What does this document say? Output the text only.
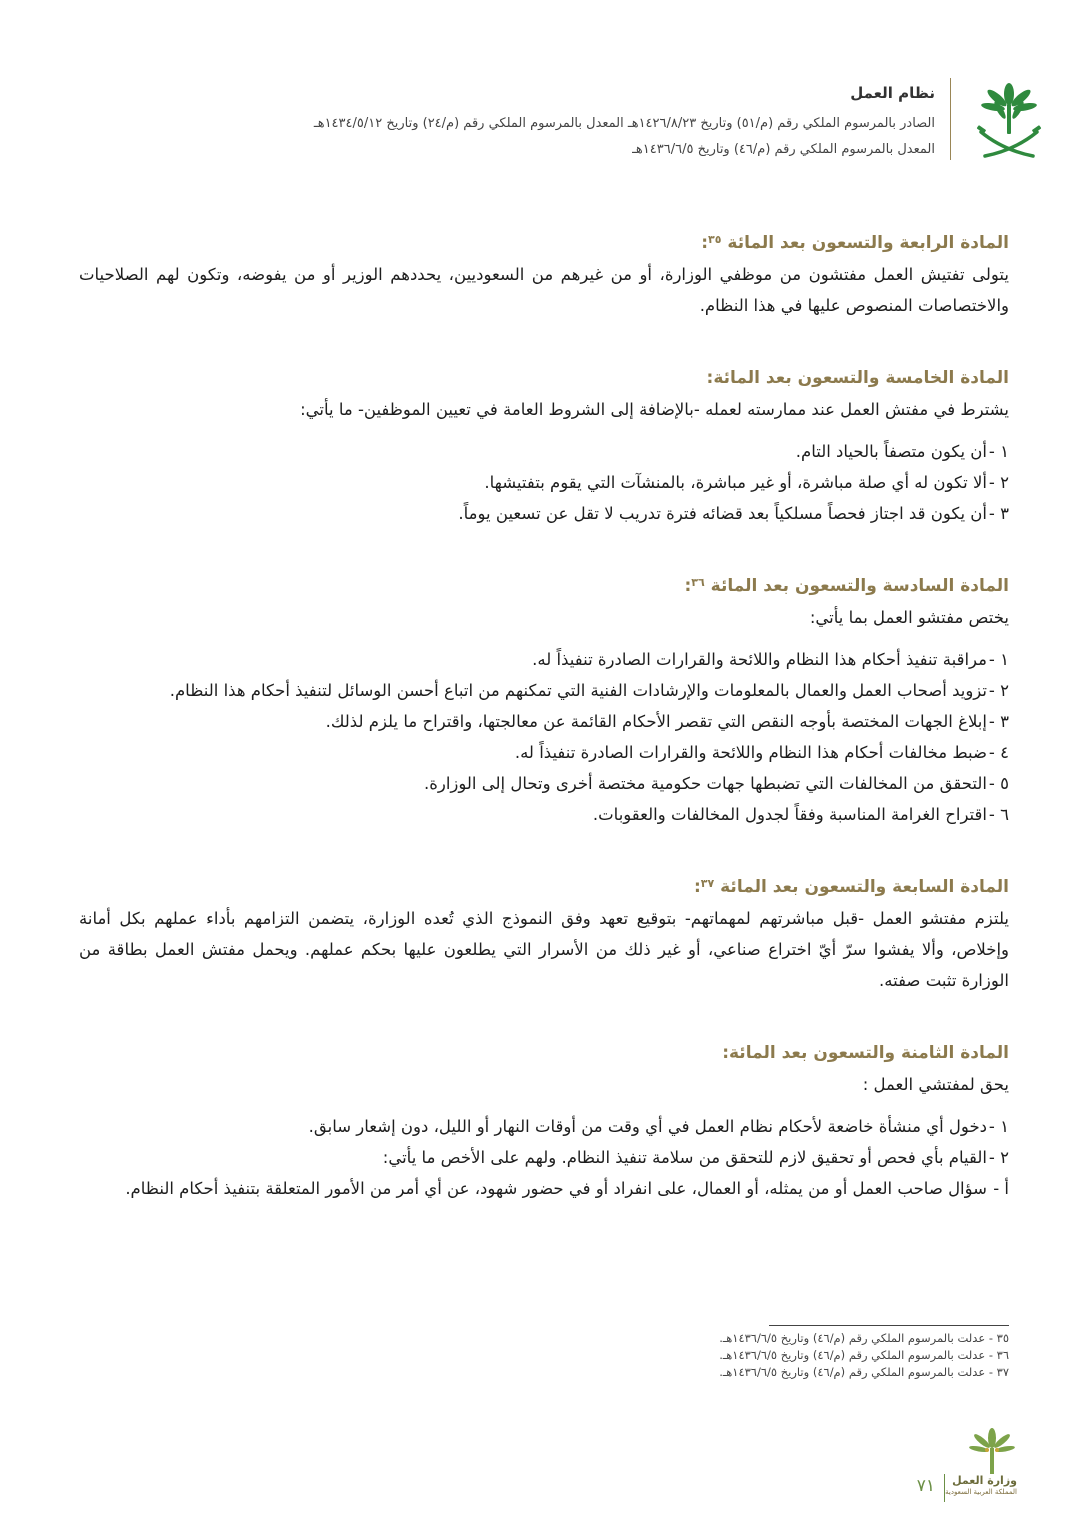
نظام العمل
الصادر بالمرسوم الملكي رقم (م/٥١) وتاريخ ١٤٢٦/٨/٢٣هـ المعدل بالمرسوم الملكي رقم (م/٢٤) وتاريخ ١٤٣٤/٥/١٢هـ
المعدل بالمرسوم الملكي رقم (م/٤٦) وتاريخ ١٤٣٦/٦/٥هـ
المادة الرابعة والتسعون بعد المائة $^{٣٥}$:

يتولى تفتيش العمل مفتشون من موظفي الوزارة، أو من غيرهم من السعوديين، يحددهم الوزير أو من يفوضه، وتكون لهم الصلاحيات والاختصاصات المنصوص عليها في هذا النظام.

المادة الخامسة والتسعون بعد المائة:

يشترط في مفتش العمل عند ممارسته لعمله -بالإضافة إلى الشروط العامة في تعيين الموظفين- ما يأتي:

١ -
أن يكون متصفاً بالحياد التام.
٢ -
ألا تكون له أي صلة مباشرة، أو غير مباشرة، بالمنشآت التي يقوم بتفتيشها.
٣ -
أن يكون قد اجتاز فحصاً مسلكياً بعد قضائه فترة تدريب لا تقل عن تسعين يوماً.
المادة السادسة والتسعون بعد المائة $^{٣٦}$:

يختص مفتشو العمل بما يأتي:

١ -
مراقبة تنفيذ أحكام هذا النظام واللائحة والقرارات الصادرة تنفيذاً له.
٢ -
تزويد أصحاب العمل والعمال بالمعلومات والإرشادات الفنية التي تمكنهم من اتباع أحسن الوسائل لتنفيذ أحكام هذا النظام.
٣ -
إبلاغ الجهات المختصة بأوجه النقص التي تقصر الأحكام القائمة عن معالجتها، واقتراح ما يلزم لذلك.
٤ -
ضبط مخالفات أحكام هذا النظام واللائحة والقرارات الصادرة تنفيذاً له.
٥ -
التحقق من المخالفات التي تضبطها جهات حكومية مختصة أخرى وتحال إلى الوزارة.
٦ -
اقتراح الغرامة المناسبة وفقاً لجدول المخالفات والعقوبات.
المادة السابعة والتسعون بعد المائة $^{٣٧}$:

يلتزم مفتشو العمل -قبل مباشرتهم لمهماتهم- بتوقيع تعهد وفق النموذج الذي تُعده الوزارة، يتضمن التزامهم بأداء عملهم بكل أمانة وإخلاص، وألا يفشوا سرّ أيّ اختراع صناعي، أو غير ذلك من الأسرار التي يطلعون عليها بحكم عملهم. ويحمل مفتش العمل بطاقة من الوزارة تثبت صفته.

المادة الثامنة والتسعون بعد المائة:

يحق لمفتشي العمل :

١ -
دخول أي منشأة خاضعة لأحكام نظام العمل في أي وقت من أوقات النهار أو الليل، دون إشعار سابق.
٢ -
القيام بأي فحص أو تحقيق لازم للتحقق من سلامة تنفيذ النظام. ولهم على الأخص ما يأتي:
أ -
سؤال صاحب العمل أو من يمثله، أو العمال، على انفراد أو في حضور شهود، عن أي أمر من الأمور المتعلقة بتنفيذ أحكام النظام.
٣٥ - عدلت بالمرسوم الملكي رقم (م/٤٦) وتاريخ ١٤٣٦/٦/٥هـ.
٣٦ - عدلت بالمرسوم الملكي رقم (م/٤٦) وتاريخ ١٤٣٦/٦/٥هـ.
٣٧ - عدلت بالمرسوم الملكي رقم (م/٤٦) وتاريخ ١٤٣٦/٦/٥هـ.
وزارة العمل
المملكة العربية السعودية
٧١
